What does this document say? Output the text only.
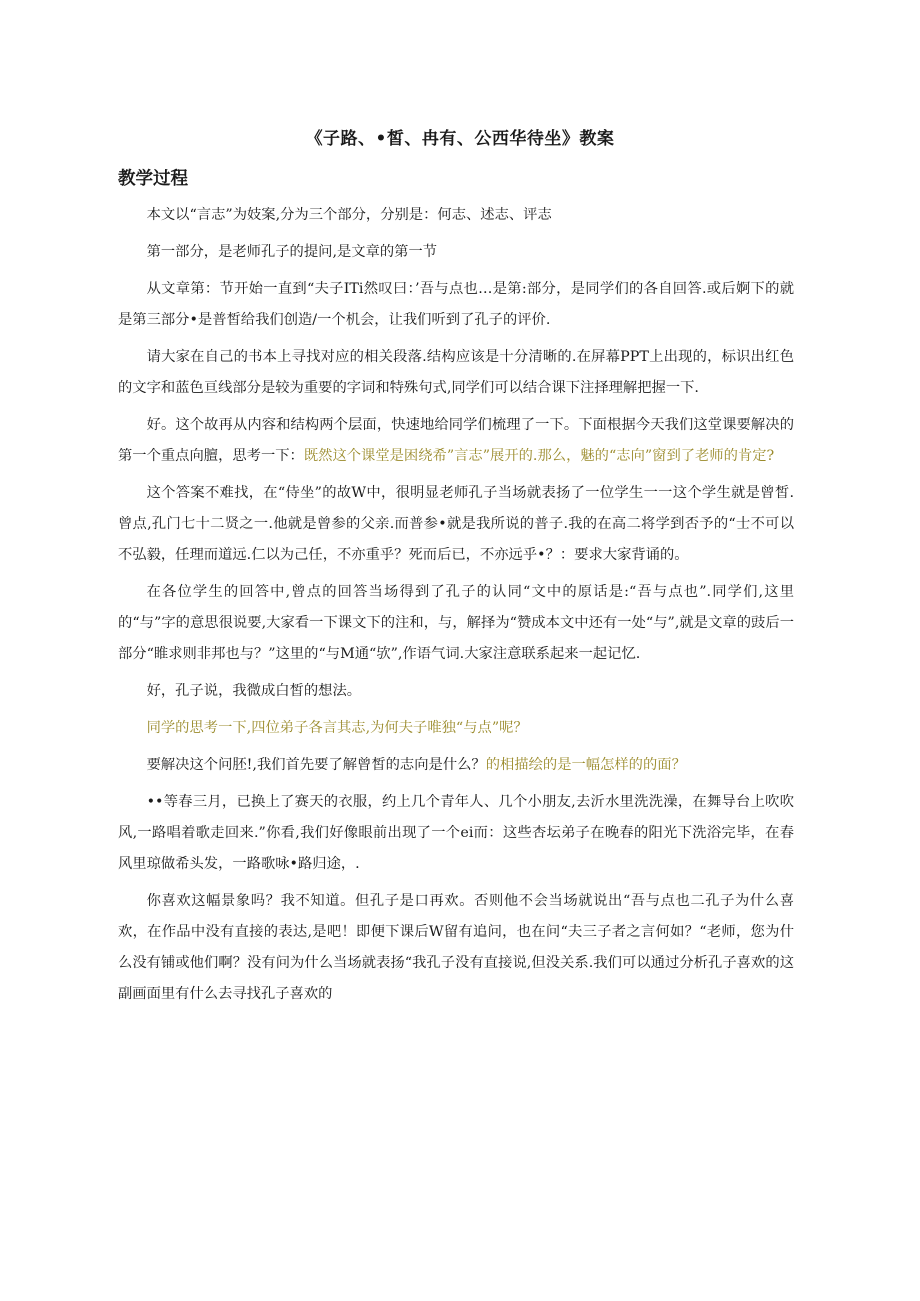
《子路、•皙、冉有、公西华待坐》教案
教学过程

本文以“言志”为妓案,分为三个部分，分别是：何志、述志、评志

第一部分，是老师孔子的提问,是文章的第一节

从文章第：节开始一直到“夫子ITi然叹曰：’吾与点也…是第:部分，是同学们的各自回答.或后婀下的就是第三部分•是普皙给我们创造/一个机会，让我们听到了孔子的评价.

请大家在自己的书本上寻找对应的相关段落.结构应该是十分清晰的.在屏幕PPT上出现的，标识出红色的文字和蓝色亘线部分是较为重要的字词和特殊句式,同学们可以结合课下注择理解把握一下.

好。这个故再从内容和结构两个层面，快速地给同学们梳理了一下。下面根据今天我们这堂课要解决的第一个重点向膻，思考一下：既然这个课堂是困绕希”言志”展开的.那么，魅的“志向”窗到了老师的肯定?

这个答案不难找，在“侍坐”的故W中，很明显老师孔子当场就表扬了一位学生一一这个学生就是曾皙.曾点,孔门七十二贤之一.他就是曾参的父亲.而普参•就是我所说的普子.我的在高二将学到否予的“士不可以不弘毅，任理而道远.仁以为己任，不亦重乎？死而后已，不亦远乎•？：要求大家背诵的。

在各位学生的回答中,曾点的回答当场得到了孔子的认同“文中的原话是:“吾与点也”.同学们,这里的“与”字的意思很说要,大家看一下课文下的注和，与，解择为“赞成本文中还有一处“与”,就是文章的豉后一部分“睢求则非邦也与？”这里的“与M通“欤”,作语气词.大家注意联系起来一起记忆.

好，孔子说，我微成白皙的想法。

同学的思考一下,四位弟子各言其志,为何夫子唯独“与点”呢？

要解决这个问胚!,我们首先要了解曾皙的志向是什么？的相描绘的是一幅怎样的的面？

••等春三月，已换上了赛天的衣服，约上几个青年人、几个小朋友,去沂水里洗洗澡，在舞导台上吹吹风,一路唱着歌走回来.”你看,我们好像眼前出现了一个ei而：这些杏坛弟子在晚春的阳光下洗浴完毕，在春风里琼做希头发，一路歌咏•路归途，.

你喜欢这幅景象吗？我不知道。但孔子是口再欢。否则他不会当场就说出“吾与点也二孔子为什么喜欢，在作品中没有直接的表达,是吧！即便下课后W留有追问，也在问“夫三子者之言何如？“老师，您为什么没有铺或他们啊？没有问为什么当场就表扬“我孔子没有直接说,但没关系.我们可以通过分析孔子喜欢的这副画面里有什么去寻找孔子喜欢的
